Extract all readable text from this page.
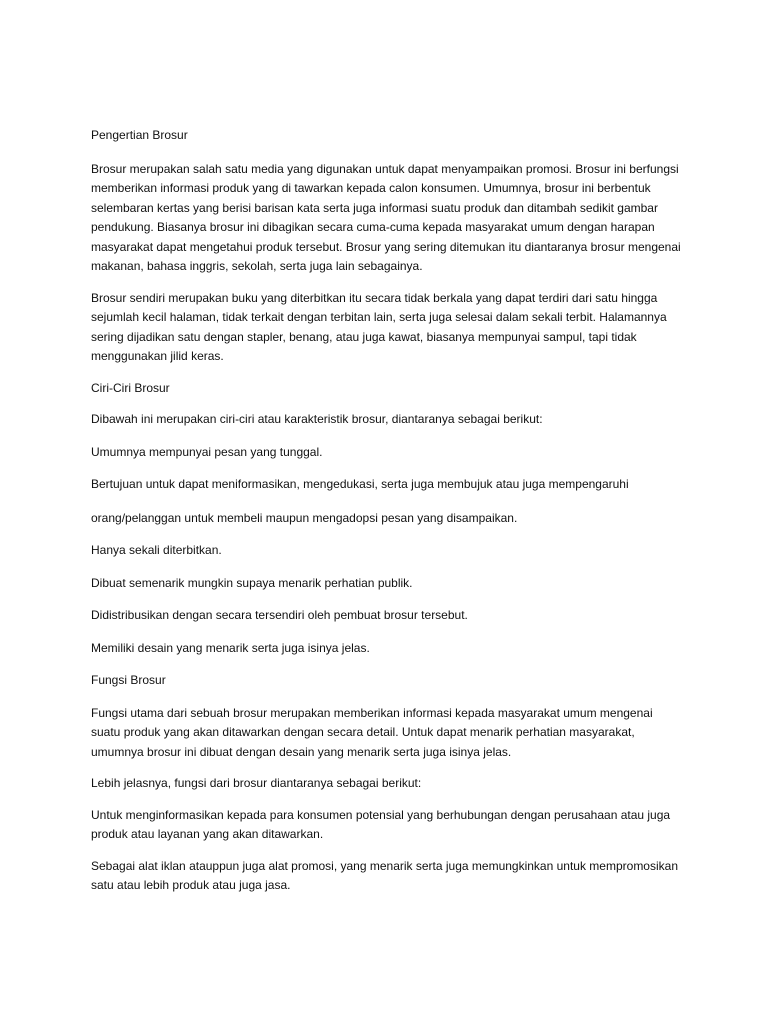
Pengertian Brosur

Brosur merupakan salah satu media yang digunakan untuk dapat menyampaikan promosi. Brosur ini berfungsi memberikan informasi produk yang di tawarkan kepada calon konsumen. Umumnya, brosur ini berbentuk selembaran kertas yang berisi barisan kata serta juga informasi suatu produk dan ditambah sedikit gambar pendukung. Biasanya brosur ini dibagikan secara cuma-cuma kepada masyarakat umum dengan harapan masyarakat dapat mengetahui produk tersebut. Brosur yang sering ditemukan itu diantaranya brosur mengenai makanan, bahasa inggris, sekolah, serta juga lain sebagainya.

Brosur sendiri merupakan buku yang diterbitkan itu secara tidak berkala yang dapat terdiri dari satu hingga sejumlah kecil halaman, tidak terkait dengan terbitan lain, serta juga selesai dalam sekali terbit. Halamannya sering dijadikan satu dengan stapler, benang, atau juga kawat, biasanya mempunyai sampul, tapi tidak menggunakan jilid keras.

Ciri-Ciri Brosur

Dibawah ini merupakan ciri-ciri atau karakteristik brosur, diantaranya sebagai berikut:

Umumnya mempunyai pesan yang tunggal.

Bertujuan untuk dapat meniformasikan, mengedukasi, serta juga membujuk atau juga mempengaruhi

orang/pelanggan untuk membeli maupun mengadopsi pesan yang disampaikan.

Hanya sekali diterbitkan.

Dibuat semenarik mungkin supaya menarik perhatian publik.

Didistribusikan dengan secara tersendiri oleh pembuat brosur tersebut.

Memiliki desain yang menarik serta juga isinya jelas.

Fungsi Brosur

Fungsi utama dari sebuah brosur merupakan memberikan informasi kepada masyarakat umum mengenai suatu produk yang akan ditawarkan dengan secara detail. Untuk dapat menarik perhatian masyarakat, umumnya brosur ini dibuat dengan desain yang menarik serta juga isinya jelas.

Lebih jelasnya, fungsi dari brosur diantaranya sebagai berikut:

Untuk menginformasikan kepada para konsumen potensial yang berhubungan dengan perusahaan atau juga produk atau layanan yang akan ditawarkan.

Sebagai alat iklan atauppun juga alat promosi, yang menarik serta juga memungkinkan untuk mempromosikan satu atau lebih produk atau juga jasa.
